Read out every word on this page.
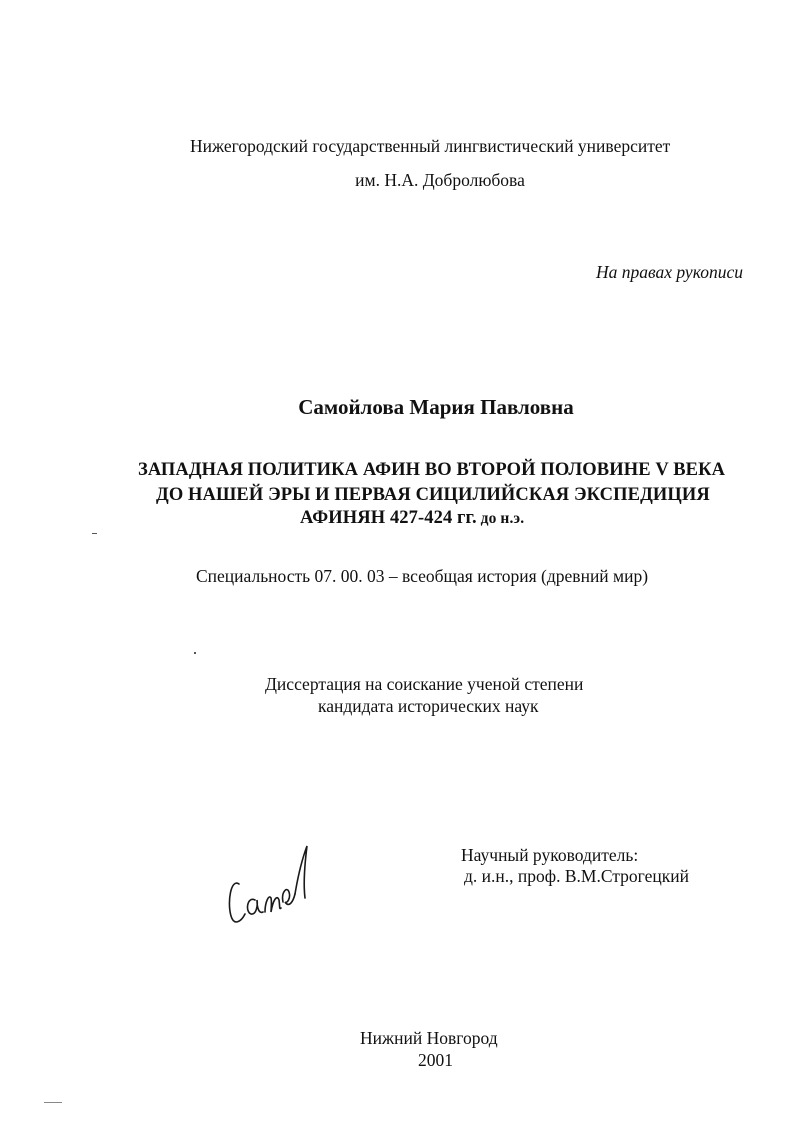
Нижегородский государственный лингвистический университет
им. Н.А. Добролюбова
На правах рукописи
Самойлова Мария Павловна
ЗАПАДНАЯ ПОЛИТИКА АФИН ВО ВТОРОЙ ПОЛОВИНЕ V ВЕКА
ДО НАШЕЙ ЭРЫ И ПЕРВАЯ СИЦИЛИЙСКАЯ ЭКСПЕДИЦИЯ
АФИНЯН 427-424 гг. до н.э.
Специальность 07. 00. 03 – всеобщая история (древний мир)
Диссертация на соискание ученой степени
кандидата исторических наук
Научный руководитель:
д. и.н., проф. В.М.Строгецкий
Нижний Новгород
2001
